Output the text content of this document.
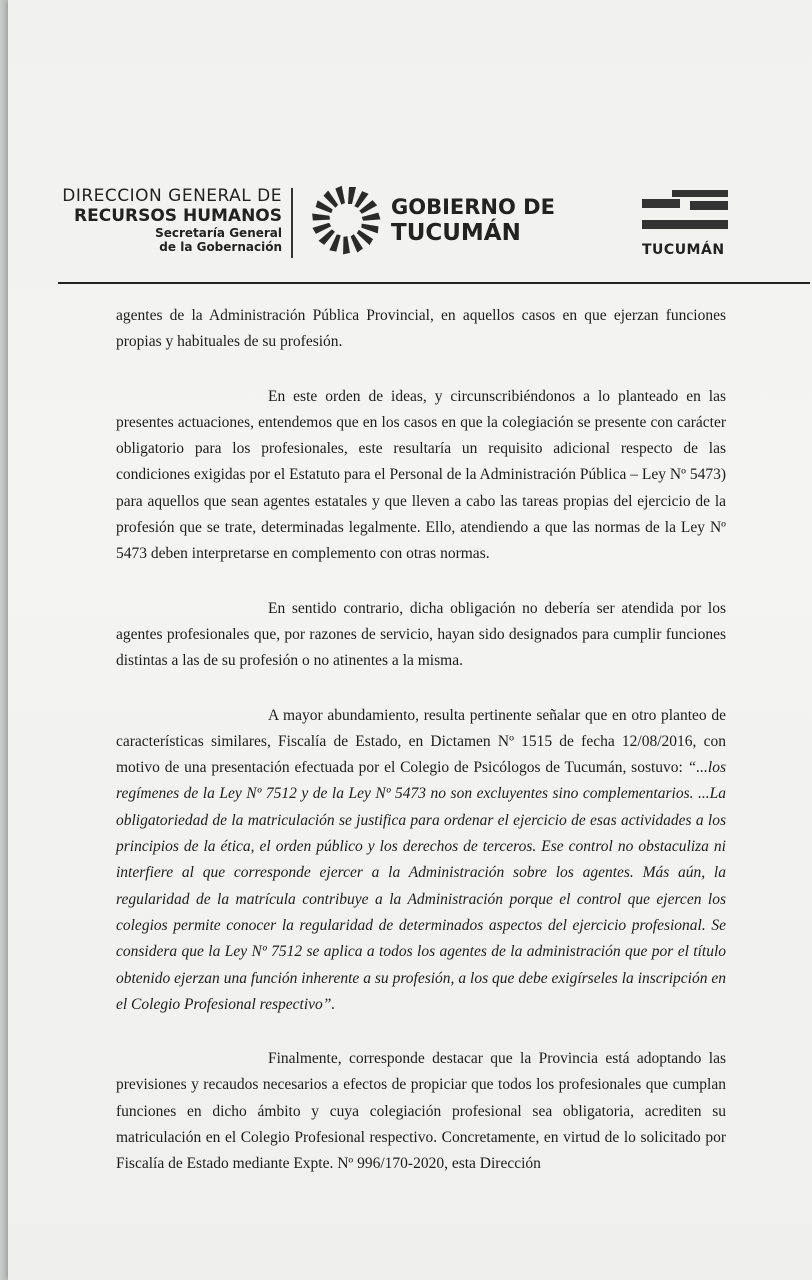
DIRECCION GENERAL DE
RECURSOS HUMANOS
Secretaría General
de la Gobernación
GOBIERNO DE
TUCUMÁN
TUCUMÁN

agentes de la Administración Pública Provincial, en aquellos casos en que ejerzan funciones propias y habituales de su profesión.

En este orden de ideas, y circunscribiéndonos a lo planteado en las presentes actuaciones, entendemos que en los casos en que la colegiación se presente con carácter obligatorio para los profesionales, este resultaría un requisito adicional respecto de las condiciones exigidas por el Estatuto para el Personal de la Administración Pública – Ley Nº 5473) para aquellos que sean agentes estatales y que lleven a cabo las tareas propias del ejercicio de la profesión que se trate, determinadas legalmente. Ello, atendiendo a que las normas de la Ley Nº 5473 deben interpretarse en complemento con otras normas.

En sentido contrario, dicha obligación no debería ser atendida por los agentes profesionales que, por razones de servicio, hayan sido designados para cumplir funciones distintas a las de su profesión o no atinentes a la misma.

A mayor abundamiento, resulta pertinente señalar que en otro planteo de características similares, Fiscalía de Estado, en Dictamen Nº 1515 de fecha 12/08/2016, con motivo de una presentación efectuada por el Colegio de Psicólogos de Tucumán, sostuvo: “...los regímenes de la Ley Nº 7512 y de la Ley Nº 5473 no son excluyentes sino complementarios. ...La obligatoriedad de la matriculación se justifica para ordenar el ejercicio de esas actividades a los principios de la ética, el orden público y los derechos de terceros. Ese control no obstaculiza ni interfiere al que corresponde ejercer a la Administración sobre los agentes. Más aún, la regularidad de la matrícula contribuye a la Administración porque el control que ejercen los colegios permite conocer la regularidad de determinados aspectos del ejercicio profesional. Se considera que la Ley Nº 7512 se aplica a todos los agentes de la administración que por el título obtenido ejerzan una función inherente a su profesión, a los que debe exigírseles la inscripción en el Colegio Profesional respectivo”.

Finalmente, corresponde destacar que la Provincia está adoptando las previsiones y recaudos necesarios a efectos de propiciar que todos los profesionales que cumplan funciones en dicho ámbito y cuya colegiación profesional sea obligatoria, acrediten su matriculación en el Colegio Profesional respectivo. Concretamente, en virtud de lo solicitado por Fiscalía de Estado mediante Expte. Nº 996/170-2020, esta Dirección
